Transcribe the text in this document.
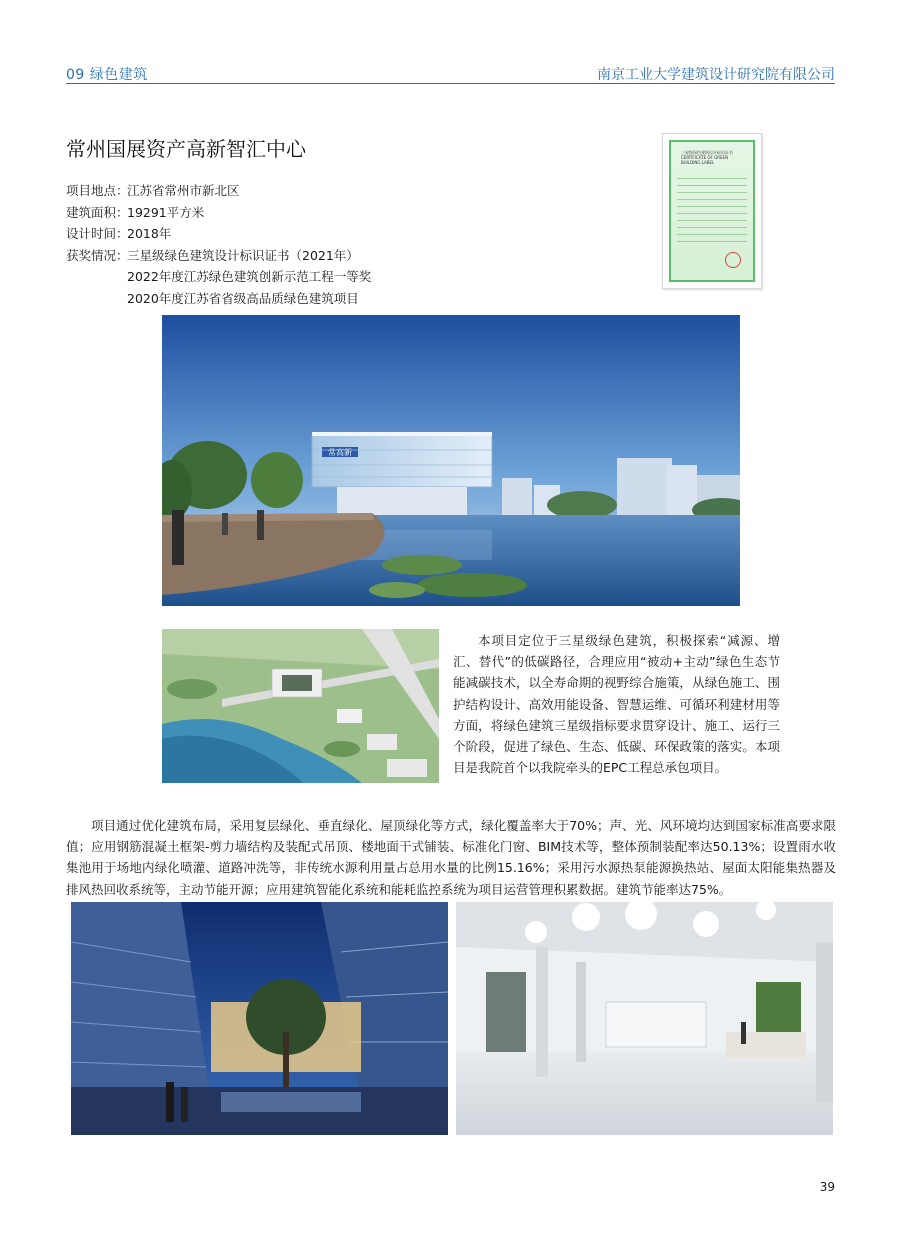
09 绿色建筑	南京工业大学建筑设计研究院有限公司
常州国展资产高新智汇中心
项目地点：
江苏省常州市新北区
建筑面积：
19291平方米
设计时间：
2018年
获奖情况：
三星级绿色建筑设计标识证书（2021年）
2022年度江苏绿色建筑创新示范工程一等奖
2020年度江苏省省级高品质绿色建筑项目
三星级绿色建筑设计标识证书
CERTIFICATE OF GREEN BUILDING LABEL
常高新
本项目定位于三星级绿色建筑，积极探索“减源、增汇、替代”的低碳路径，合理应用“被动+主动”绿色生态节能减碳技术，以全寿命期的视野综合施策，从绿色施工、围护结构设计、高效用能设备、智慧运维、可循环利建材用等方面，将绿色建筑三星级指标要求贯穿设计、施工、运行三个阶段，促进了绿色、生态、低碳、环保政策的落实。本项目是我院首个以我院牵头的EPC工程总承包项目。
项目通过优化建筑布局，采用复层绿化、垂直绿化、屋顶绿化等方式，绿化覆盖率大于70%；声、光、风环境均达到国家标准高要求限值；应用钢筋混凝土框架-剪力墙结构及装配式吊顶、楼地面干式铺装、标准化门窗、BIM技术等，整体预制装配率达50.13%；设置雨水收集池用于场地内绿化喷灌、道路冲洗等，非传统水源利用量占总用水量的比例15.16%；采用污水源热泵能源换热站、屋面太阳能集热器及排风热回收系统等，主动节能开源；应用建筑智能化系统和能耗监控系统为项目运营管理积累数据。建筑节能率达75%。
39
